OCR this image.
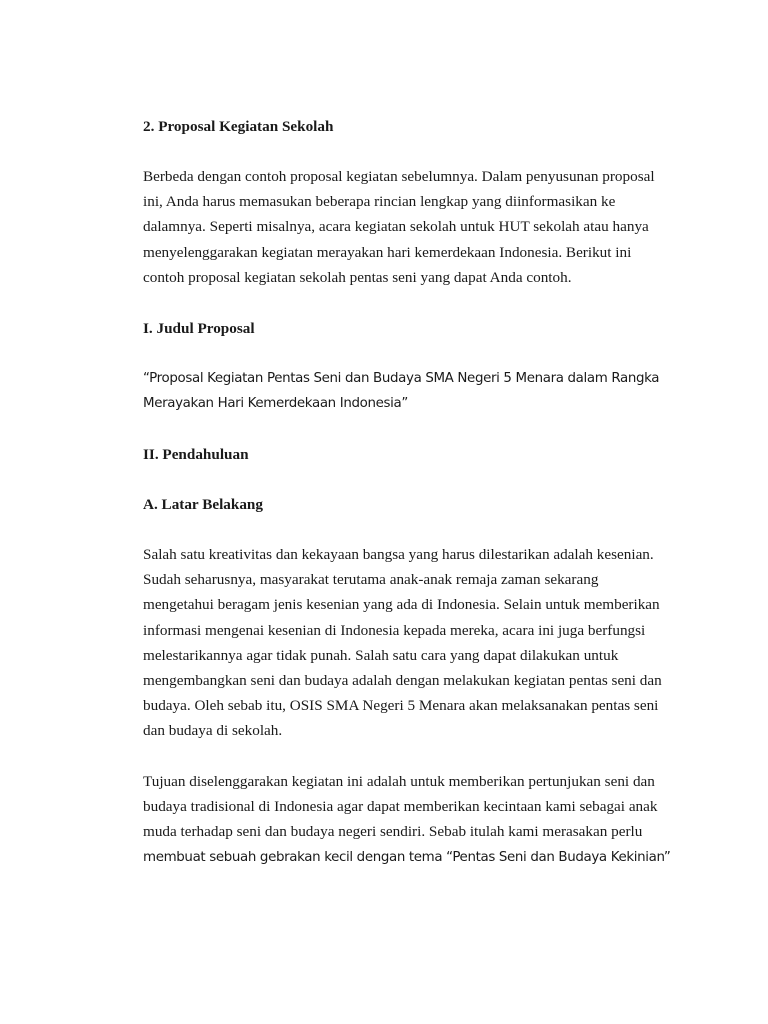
2. Proposal Kegiatan Sekolah
Berbeda dengan contoh proposal kegiatan sebelumnya. Dalam penyusunan proposal
ini, Anda harus memasukan beberapa rincian lengkap yang diinformasikan ke
dalamnya. Seperti misalnya, acara kegiatan sekolah untuk HUT sekolah atau hanya
menyelenggarakan kegiatan merayakan hari kemerdekaan Indonesia. Berikut ini
contoh proposal kegiatan sekolah pentas seni yang dapat Anda contoh.
I. Judul Proposal
“Proposal Kegiatan Pentas Seni dan Budaya SMA Negeri 5 Menara dalam Rangka
Merayakan Hari Kemerdekaan Indonesia”
II. Pendahuluan
A. Latar Belakang
Salah satu kreativitas dan kekayaan bangsa yang harus dilestarikan adalah kesenian.
Sudah seharusnya, masyarakat terutama anak-anak remaja zaman sekarang
mengetahui beragam jenis kesenian yang ada di Indonesia. Selain untuk memberikan
informasi mengenai kesenian di Indonesia kepada mereka, acara ini juga berfungsi
melestarikannya agar tidak punah. Salah satu cara yang dapat dilakukan untuk
mengembangkan seni dan budaya adalah dengan melakukan kegiatan pentas seni dan
budaya. Oleh sebab itu, OSIS SMA Negeri 5 Menara akan melaksanakan pentas seni
dan budaya di sekolah.
Tujuan diselenggarakan kegiatan ini adalah untuk memberikan pertunjukan seni dan
budaya tradisional di Indonesia agar dapat memberikan kecintaan kami sebagai anak
muda terhadap seni dan budaya negeri sendiri. Sebab itulah kami merasakan perlu
membuat sebuah gebrakan kecil dengan tema “Pentas Seni dan Budaya Kekinian”
